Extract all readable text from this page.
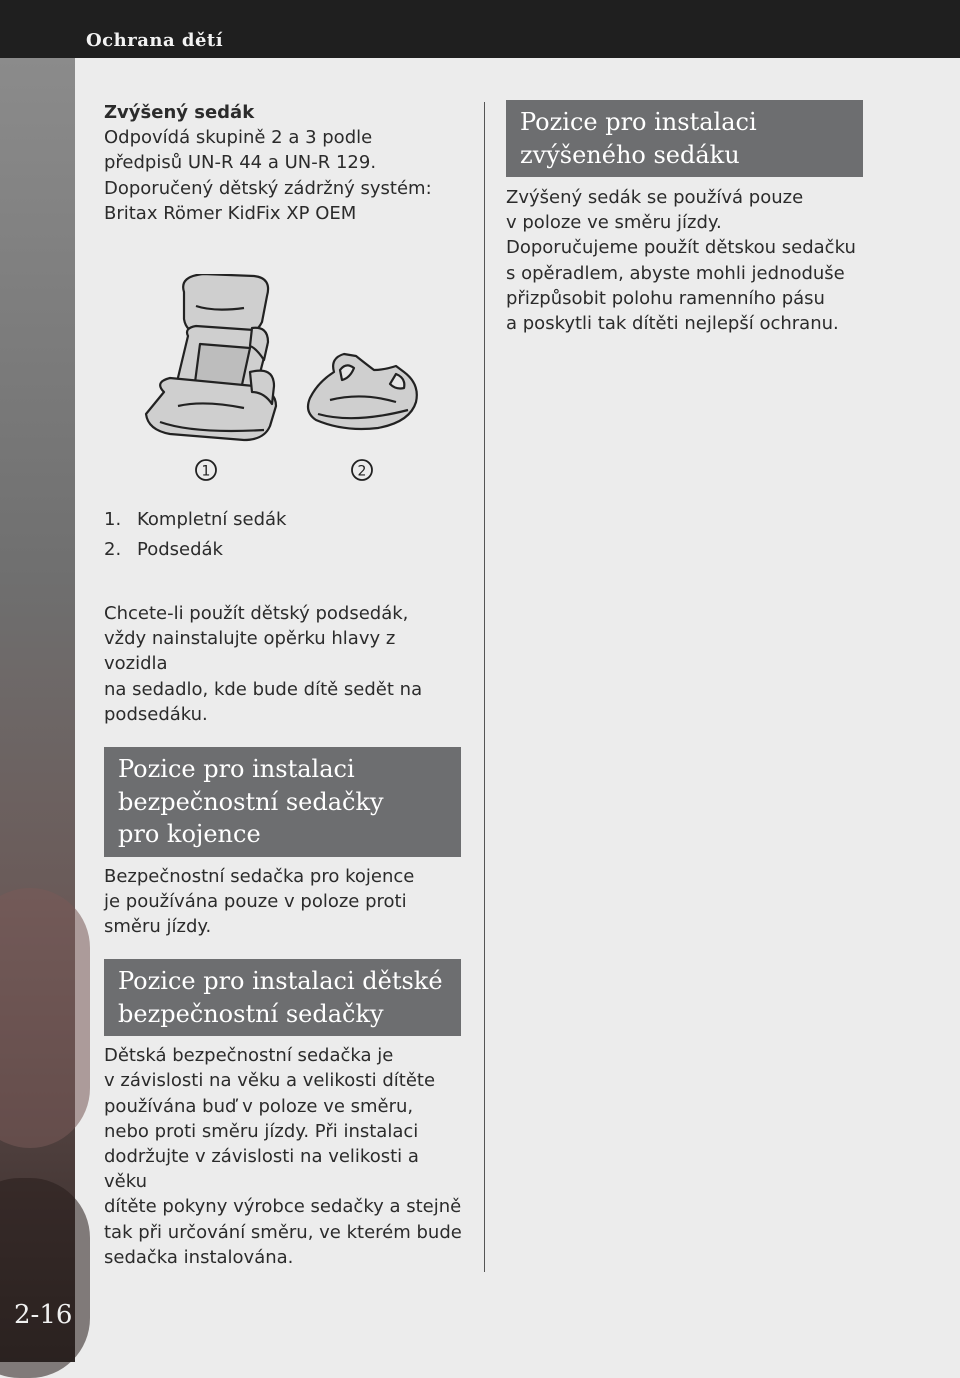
Ochrana dětí
2-16

Zvýšený sedák

Odpovídá skupině 2 a 3 podle

předpisů UN-R 44 a UN-R 129.

Doporučený dětský zádržný systém:

Britax Römer KidFix XP OEM

1	2
1. Kompletní sedák
2. Podsedák

Chcete-li použít dětský podsedák,

vždy nainstalujte opěrku hlavy z vozidla

na sedadlo, kde bude dítě sedět na

podsedáku.

Pozice pro instalaci
bezpečnostní sedačky
pro kojence

Bezpečnostní sedačka pro kojence

je používána pouze v poloze proti

směru jízdy.

Pozice pro instalaci dětské
bezpečnostní sedačky

Dětská bezpečnostní sedačka je

v závislosti na věku a velikosti dítěte

používána buď v poloze ve směru,

nebo proti směru jízdy. Při instalaci

dodržujte v závislosti na velikosti a věku

dítěte pokyny výrobce sedačky a stejně

tak při určování směru, ve kterém bude

sedačka instalována.

Pozice pro instalaci
zvýšeného sedáku

Zvýšený sedák se používá pouze

v poloze ve směru jízdy.

Doporučujeme použít dětskou sedačku

s opěradlem, abyste mohli jednoduše

přizpůsobit polohu ramenního pásu

a poskytli tak dítěti nejlepší ochranu.
